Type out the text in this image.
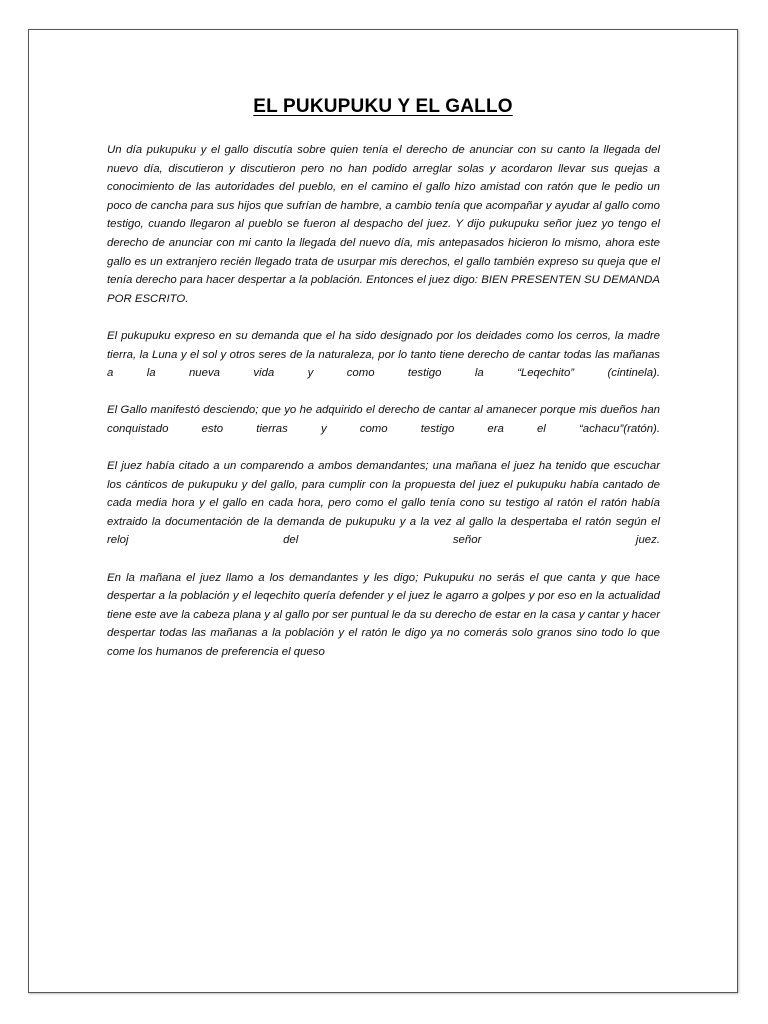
EL PUKUPUKU Y EL GALLO

Un día pukupuku y el gallo discutía sobre quien tenía el derecho de anunciar con su canto la llegada del nuevo día, discutieron y discutieron pero no han podido arreglar solas y acordaron llevar sus quejas a conocimiento de las autoridades del pueblo, en el camino el gallo hizo amistad con ratón que le pedio un poco de cancha para sus hijos que sufrían de hambre, a cambio tenía que acompañar y ayudar al gallo como testigo, cuando llegaron al pueblo se fueron al despacho del juez. Y dijo pukupuku señor juez yo tengo el derecho de anunciar con mi canto la llegada del nuevo día, mis antepasados hicieron lo mismo, ahora este gallo es un extranjero recién llegado trata de usurpar mis derechos, el gallo también expreso su queja que el tenía derecho para hacer despertar a la población. Entonces el juez digo: BIEN PRESENTEN SU DEMANDA POR ESCRITO.

El pukupuku expreso en su demanda que el ha sido designado por los deidades como los cerros, la madre tierra, la Luna y el sol y otros seres de la naturaleza, por lo tanto tiene derecho de cantar todas las mañanas a la nueva vida y como testigo la “Leqechito” (cintinela).

El Gallo manifestó desciendo; que yo he adquirido el derecho de cantar al amanecer porque mis dueños han conquistado esto tierras y como testigo era el “achacu”(ratón).

El juez había citado a un comparendo a ambos demandantes; una mañana el juez ha tenido que escuchar los cánticos de pukupuku y del gallo, para cumplir con la propuesta del juez el pukupuku había cantado de cada media hora y el gallo en cada hora, pero como el gallo tenía cono su testigo al ratón el ratón había extraido la documentación de la demanda de pukupuku y a la vez al gallo la despertaba el ratón según el reloj del señor juez.

En la mañana el juez llamo a los demandantes y les digo; Pukupuku no serás el que canta y que hace despertar a la población y el leqechito quería defender y el juez le agarro a golpes y por eso en la actualidad tiene este ave la cabeza plana y al gallo por ser puntual le da su derecho de estar en la casa y cantar y hacer despertar todas las mañanas a la población y el ratón le digo ya no comerás solo granos sino todo lo que come los humanos de preferencia el queso
